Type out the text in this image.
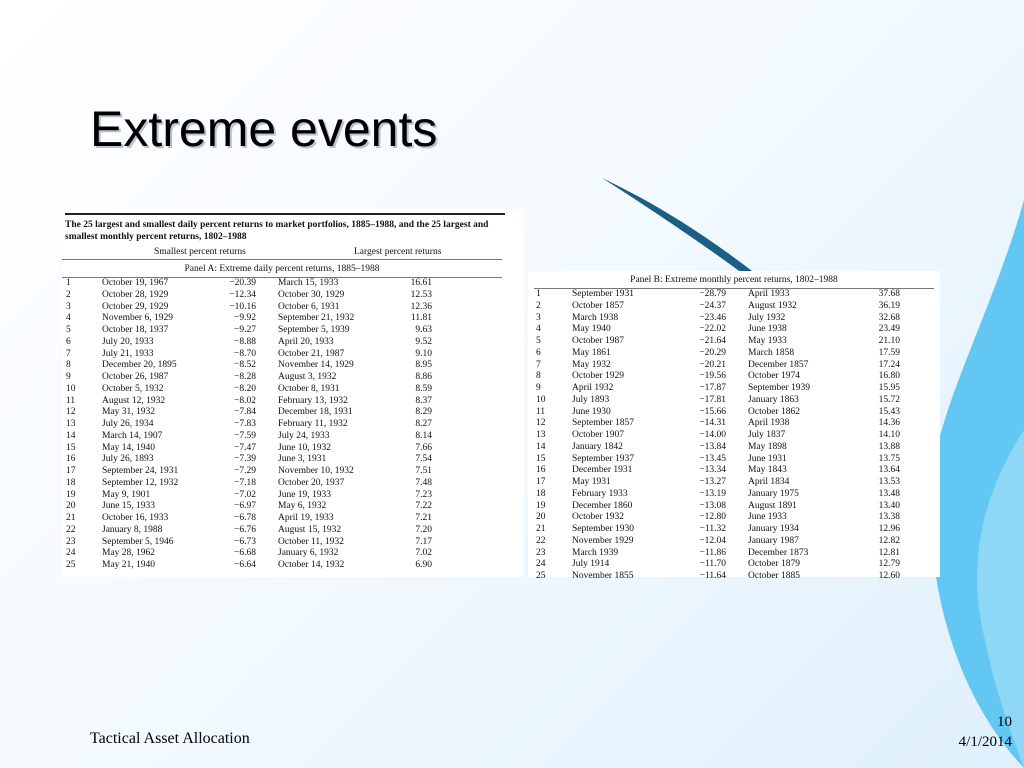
Extreme events
The 25 largest and smallest daily percent returns to market portfolios, 1885–1988, and the 25 largest and smallest monthly percent returns, 1802–1988
Smallest percent returns	Largest percent returns
Panel A: Extreme daily percent returns, 1885–1988
1	October 19, 1967	−20.39	March 15, 1933	16.61
2	October 28, 1929	−12.34	October 30, 1929	12.53
3	October 29, 1929	−10.16	October 6, 1931	12.36
4	November 6, 1929	−9.92	September 21, 1932	11.81
5	October 18, 1937	−9.27	September 5, 1939	9.63
6	July 20, 1933	−8.88	April 20, 1933	9.52
7	July 21, 1933	−8.70	October 21, 1987	9.10
8	December 20, 1895	−8.52	November 14, 1929	8.95
9	October 26, 1987	−8.28	August 3, 1932	8.86
10	October 5, 1932	−8.20	October 8, 1931	8.59
11	August 12, 1932	−8.02	February 13, 1932	8.37
12	May 31, 1932	−7.84	December 18, 1931	8.29
13	July 26, 1934	−7.83	February 11, 1932	8.27
14	March 14, 1907	−7.59	July 24, 1933	8.14
15	May 14, 1940	−7.47	June 10, 1932	7.66
16	July 26, 1893	−7.39	June 3, 1931	7.54
17	September 24, 1931	−7.29	November 10, 1932	7.51
18	September 12, 1932	−7.18	October 20, 1937	7.48
19	May 9, 1901	−7.02	June 19, 1933	7.23
20	June 15, 1933	−6.97	May 6, 1932	7.22
21	October 16, 1933	−6.78	April 19, 1933	7.21
22	January 8, 1988	−6.76	August 15, 1932	7.20
23	September 5, 1946	−6.73	October 11, 1932	7.17
24	May 28, 1962	−6.68	January 6, 1932	7.02
25	May 21, 1940	−6.64	October 14, 1932	6.90
Panel B: Extreme monthly percent returns, 1802–1988
1	September 1931	−28.79	April 1933	37.68
2	October 1857	−24.37	August 1932	36.19
3	March 1938	−23.46	July 1932	32.68
4	May 1940	−22.02	June 1938	23.49
5	October 1987	−21.64	May 1933	21.10
6	May 1861	−20.29	March 1858	17.59
7	May 1932	−20.21	December 1857	17.24
8	October 1929	−19.56	October 1974	16.80
9	April 1932	−17.87	September 1939	15.95
10	July 1893	−17.81	January 1863	15.72
11	June 1930	−15.66	October 1862	15.43
12	September 1857	−14.31	April 1938	14.36
13	October 1907	−14.00	July 1837	14.10
14	January 1842	−13.84	May 1898	13.88
15	September 1937	−13.45	June 1931	13.75
16	December 1931	−13.34	May 1843	13.64
17	May 1931	−13.27	April 1834	13.53
18	February 1933	−13.19	January 1975	13.48
19	December 1860	−13.08	August 1891	13.40
20	October 1932	−12.80	June 1933	13.38
21	September 1930	−11.32	January 1934	12.96
22	November 1929	−12.04	January 1987	12.82
23	March 1939	−11.86	December 1873	12.81
24	July 1914	−11.70	October 1879	12.79
25	November 1855	−11.64	October 1885	12.60
Tactical Asset Allocation
10
4/1/2014
